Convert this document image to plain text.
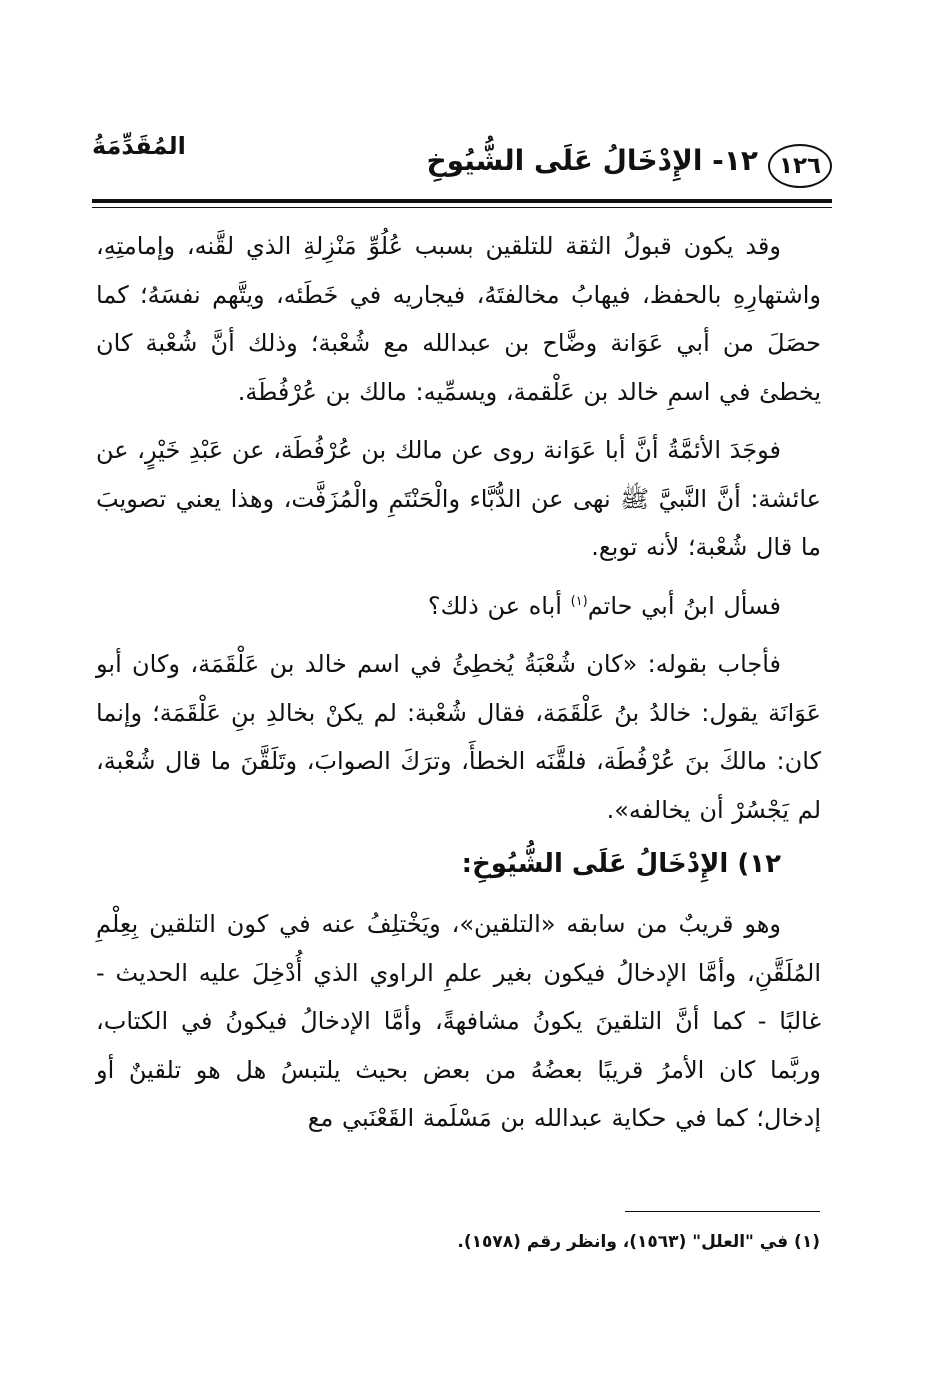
١٢٦
١٢- الإِدْخَالُ عَلَى الشُّيُوخِ
المُقَدِّمَةُ

وقد يكون قبولُ الثقة للتلقين بسبب عُلُوِّ مَنْزِلةِ الذي لقَّنه، وإمامتِهِ، واشتهارِهِ بالحفظ، فيهابُ مخالفتَهُ، فيجاريه في خَطَئه، ويتَّهم نفسَهُ؛ كما حصَلَ من أبي عَوَانة وضَّاح بن عبدالله مع شُعْبة؛ وذلك أنَّ شُعْبة كان يخطئ في اسمِ خالد بن عَلْقمة، ويسمِّيه: مالك بن عُرْفُطَة.

فوجَدَ الأئمَّةُ أنَّ أبا عَوَانة روى عن مالك بن عُرْفُطَة، عن عَبْدِ خَيْرٍ، عن عائشة: أنَّ النَّبيَّ ﷺ نهى عن الدُّبَّاء والْحَنْتَمِ والْمُزَفَّت، وهذا يعني تصويبَ ما قال شُعْبة؛ لأنه توبع.

فسأل ابنُ أبي حاتم$^{(١)}$ أباه عن ذلك؟

فأجاب بقوله: «كان شُعْبَةُ يُخطِئُ في اسم خالد بن عَلْقَمَة، وكان أبو عَوَانَة يقول: خالدُ بنُ عَلْقَمَة، فقال شُعْبة: لم يكنْ بخالدِ بنِ عَلْقَمَة؛ وإنما كان: مالكَ بنَ عُرْفُطَة، فلقَّنَه الخطأَ، وترَكَ الصوابَ، وتَلَقَّنَ ما قال شُعْبة، لم يَجْسُرْ أن يخالفه».

١٢) الإِدْخَالُ عَلَى الشُّيُوخِ:

وهو قريبٌ من سابقه «التلقين»، ويَخْتلِفُ عنه في كون التلقين بِعِلْمِ المُلَقَّنِ، وأمَّا الإدخالُ فيكون بغير علمِ الراوي الذي أُدْخِلَ عليه الحديث - غالبًا - كما أنَّ التلقينَ يكونُ مشافهةً، وأمَّا الإدخالُ فيكونُ في الكتاب، وربَّما كان الأمرُ قريبًا بعضُهُ من بعض بحيث يلتبسُ هل هو تلقينٌ أو إدخال؛ كما في حكاية عبدالله بن مَسْلَمة القَعْنَبي مع

(١) في "العلل" (١٥٦٣)، وانظر رقم (١٥٧٨).
